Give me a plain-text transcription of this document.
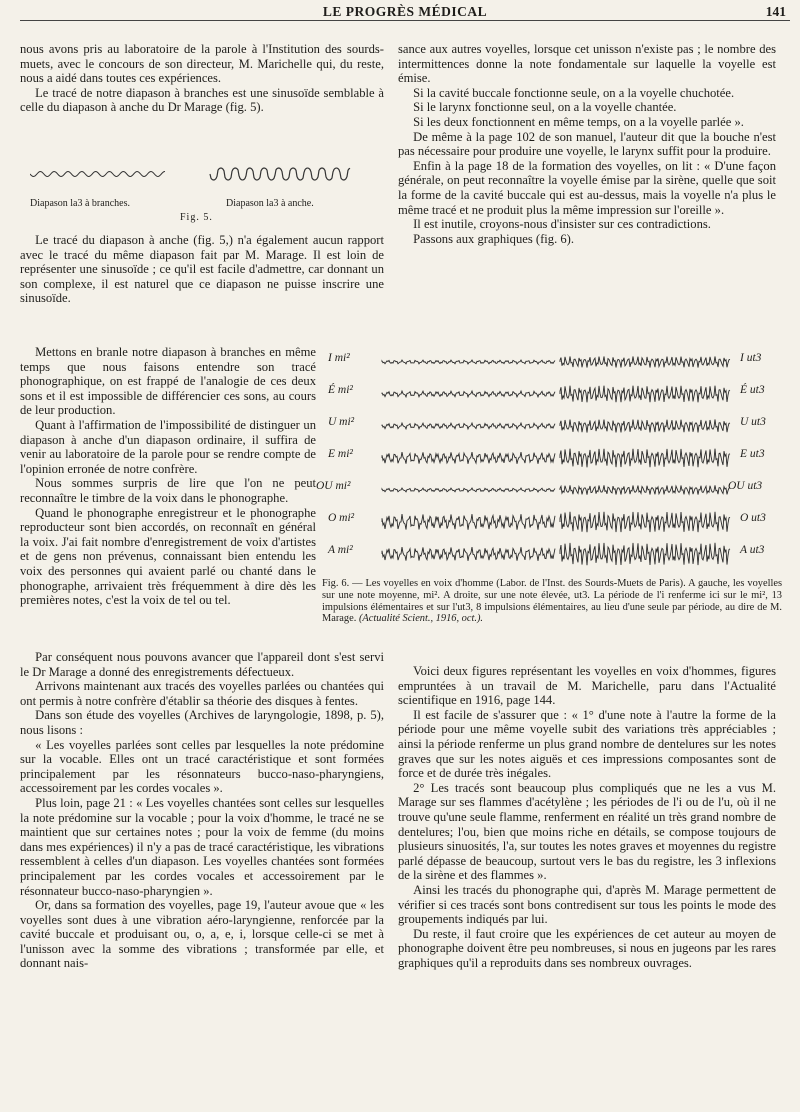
LE PROGRÈS MÉDICAL	141

nous avons pris au laboratoire de la parole à l'Institution des sourds-muets, avec le concours de son directeur, M. Marichelle qui, du reste, nous a aidé dans toutes ces expériences.

Le tracé de notre diapason à branches est une sinusoïde semblable à celle du diapason à anche du Dr Marage (fig. 5).

Diapason la3 à branches.	Diapason la3 à anche.
Fig. 5.

Le tracé du diapason à anche (fig. 5,) n'a également aucun rapport avec le tracé du même diapason fait par M. Marage. Il est loin de représenter une sinusoïde ; ce qu'il est facile d'admettre, car donnant un son complexe, il est naturel que ce diapason ne puisse inscrire une sinusoïde.

Mettons en branle notre diapason à branches en même temps que nous faisons entendre son tracé phonographique, on est frappé de l'analogie de ces deux sons et il est impossible de différencier ces sons, au cours de leur production.

Quant à l'affirmation de l'impossibilité de distinguer un diapason à anche d'un diapason ordinaire, il suffira de venir au laboratoire de la parole pour se rendre compte de l'opinion erronée de notre confrère.

Nous sommes surpris de lire que l'on ne peut reconnaître le timbre de la voix dans le phonographe.

Quand le phonographe enregistreur et le phonographe reproducteur sont bien accordés, on reconnaît en général la voix. J'ai fait nombre d'enregistrement de voix d'artistes et de gens non prévenus, connaissant bien entendu les voix des personnes qui avaient parlé ou chanté dans le phonographe, arrivaient très fréquemment à dire dès les premières notes, c'est la voix de tel ou tel.

sance aux autres voyelles, lorsque cet unisson n'existe pas ; le nombre des intermittences donne la note fondamentale sur laquelle la voyelle est émise.

Si la cavité buccale fonctionne seule, on a la voyelle chuchotée.

Si le larynx fonctionne seul, on a la voyelle chantée.

Si les deux fonctionnent en même temps, on a la voyelle parlée ».

De même à la page 102 de son manuel, l'auteur dit que la bouche n'est pas nécessaire pour produire une voyelle, le larynx suffit pour la produire.

Enfin à la page 18 de la formation des voyelles, on lit : « D'une façon générale, on peut reconnaître la voyelle émise par la sirène, quelle que soit la forme de la cavité buccale qui est au-dessus, mais la voyelle n'a plus le même tracé et ne produit plus la même impression sur l'oreille ».

Il est inutile, croyons-nous d'insister sur ces contradictions.

Passons aux graphiques (fig. 6).

I mi²	I ut3
É mi²	É ut3
U mi²	U ut3
E mi²	E ut3
OU mi²	OU ut3
O mi²	O ut3
A mi²	A ut3
Fig. 6. — Les voyelles en voix d'homme (Labor. de l'Inst. des Sourds-Muets de Paris). A gauche, les voyelles sur une note moyenne, mi². A droite, sur une note élevée, ut3. La période de l'i renferme ici sur le mi², 13 impulsions élémentaires et sur l'ut3, 8 impulsions élémentaires, au lieu d'une seule par période, au dire de M. Marage. (Actualité Scient., 1916, oct.).

Par conséquent nous pouvons avancer que l'appareil dont s'est servi le Dr Marage a donné des enregistrements défectueux.

Arrivons maintenant aux tracés des voyelles parlées ou chantées qui ont permis à notre confrère d'établir sa théorie des disques à fentes.

Dans son étude des voyelles (Archives de laryngologie, 1898, p. 5), nous lisons :

« Les voyelles parlées sont celles par lesquelles la note prédomine sur la vocable. Elles ont un tracé caractéristique et sont formées principalement par les résonnateurs bucco-naso-pharyngiens, accessoirement par les cordes vocales ».

Plus loin, page 21 : « Les voyelles chantées sont celles sur lesquelles la note prédomine sur la vocable ; pour la voix d'homme, le tracé ne se maintient que sur certaines notes ; pour la voix de femme (du moins dans mes expériences) il n'y a pas de tracé caractéristique, les vibrations ressemblent à celles d'un diapason. Les voyelles chantées sont formées principalement par les cordes vocales et accessoirement par le résonnateur bucco-naso-pharyngien ».

Or, dans sa formation des voyelles, page 19, l'auteur avoue que « les voyelles sont dues à une vibration aéro-laryngienne, renforcée par la cavité buccale et produisant ou, o, a, e, i, lorsque celle-ci se met à l'unisson avec la somme des vibrations ; transformée par elle, et donnant nais-

Voici deux figures représentant les voyelles en voix d'hommes, figures empruntées à un travail de M. Marichelle, paru dans l'Actualité scientifique en 1916, page 144.

Il est facile de s'assurer que : « 1° d'une note à l'autre la forme de la période pour une même voyelle subit des variations très appréciables ; ainsi la période renferme un plus grand nombre de dentelures sur les notes graves que sur les notes aiguës et ces impressions composantes sont de force et de durée très inégales.

2° Les tracés sont beaucoup plus compliqués que ne les a vus M. Marage sur ses flammes d'acétylène ; les périodes de l'i ou de l'u, où il ne trouve qu'une seule flamme, renferment en réalité un très grand nombre de dentelures; l'ou, bien que moins riche en détails, se compose toujours de plusieurs sinuosités, l'a, sur toutes les notes graves et moyennes du registre parlé dépasse de beaucoup, surtout vers le bas du registre, les 3 inflexions de la sirène et des flammes ».

Ainsi les tracés du phonographe qui, d'après M. Marage permettent de vérifier si ces tracés sont bons contredisent sur tous les points le mode des groupements indiqués par lui.

Du reste, il faut croire que les expériences de cet auteur au moyen de phonographe doivent être peu nombreuses, si nous en jugeons par les rares graphiques qu'il a reproduits dans ses nombreux ouvrages.
